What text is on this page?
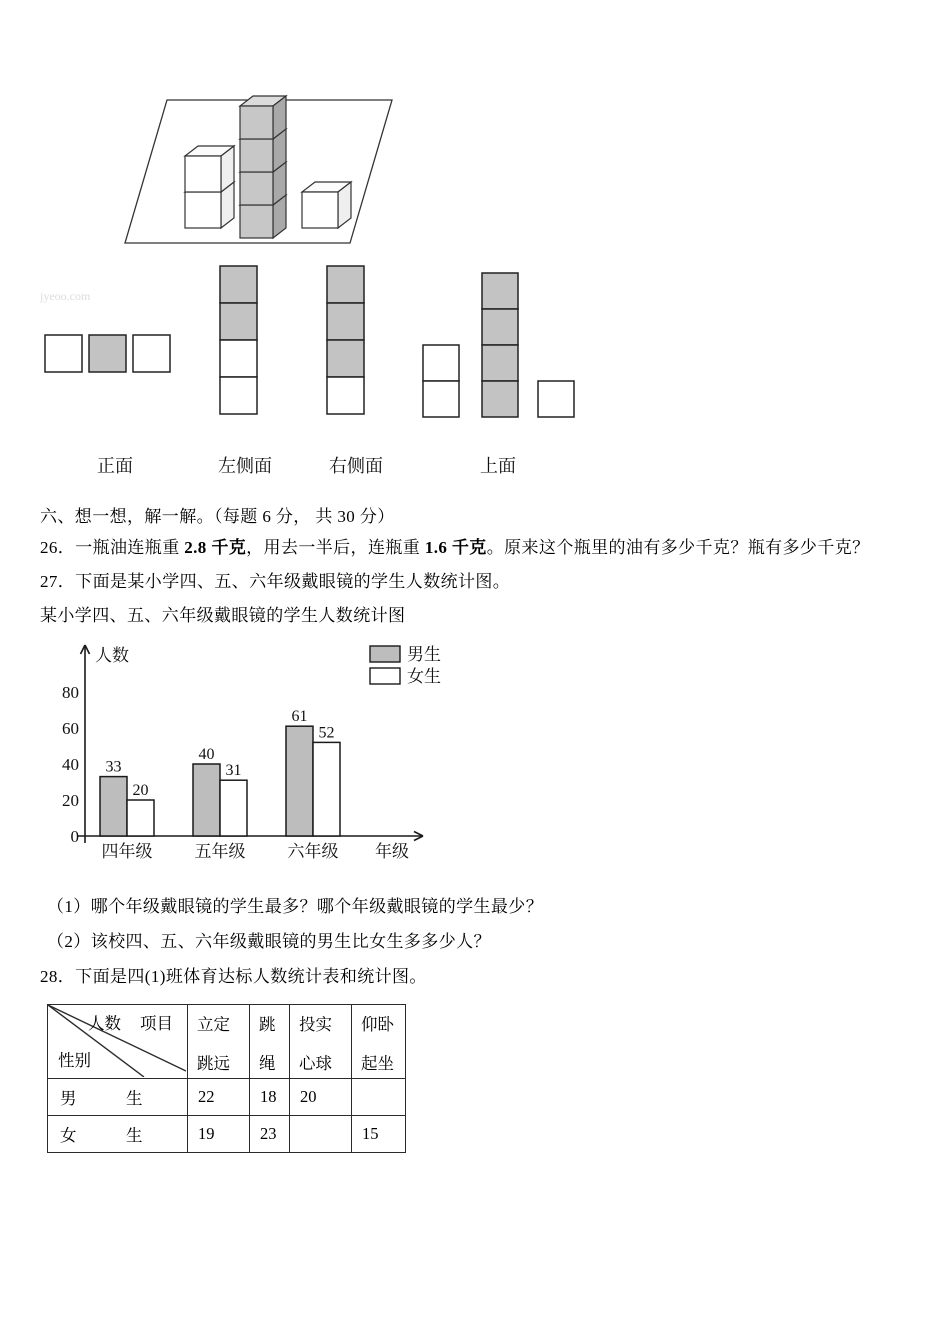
jyeoo.com
正面	左侧面	右侧面	上面
六、想一想，解一解。（每题 6 分， 共 30 分）
26．一瓶油连瓶重 2.8 千克，用去一半后，连瓶重 1.6 千克。原来这个瓶里的油有多少千克？瓶有多少千克？
27．下面是某小学四、五、六年级戴眼镜的学生人数统计图。
某小学四、五、六年级戴眼镜的学生人数统计图
人数
年级
0
20
40
60
80
33
20
四年级
40
31
五年级
61
52
六年级
男生
女生
（1）哪个年级戴眼镜的学生最多？哪个年级戴眼镜的学生最少？
（2）该校四、五、六年级戴眼镜的男生比女生多多少人？
28．下面是四(1)班体育达标人数统计表和统计图。
人数 项目
性别

立定
跳远

跳
绳

投实
心球

仰卧
起坐

男　　　生	22	18	20	
女　　　生	19	23		15
